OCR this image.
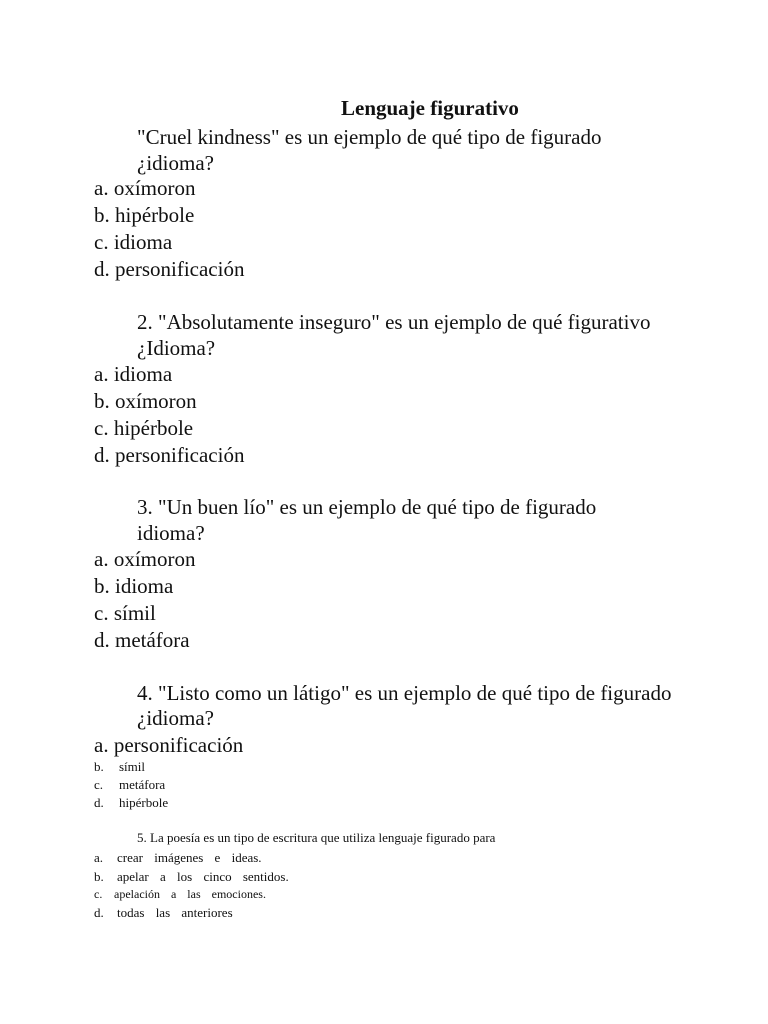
Lenguaje figurativo
"Cruel kindness" es un ejemplo de qué tipo de figurado
¿idioma?
a. oxímoron
b. hipérbole
c. idioma
d. personificación
2. "Absolutamente inseguro" es un ejemplo de qué figurativo
¿Idioma?
a. idioma
b. oxímoron
c. hipérbole
d. personificación
3. "Un buen lío" es un ejemplo de qué tipo de figurado
idioma?
a. oxímoron
b. idioma
c. símil
d. metáfora
4. "Listo como un látigo" es un ejemplo de qué tipo de figurado
¿idioma?
a. personificación
b. símil
c. metáfora
d. hipérbole
5. La poesía es un tipo de escritura que utiliza lenguaje figurado para
a. crear imágenes e ideas.
b. apelar a los cinco sentidos.
c. apelación a las emociones.
d. todas las anteriores
